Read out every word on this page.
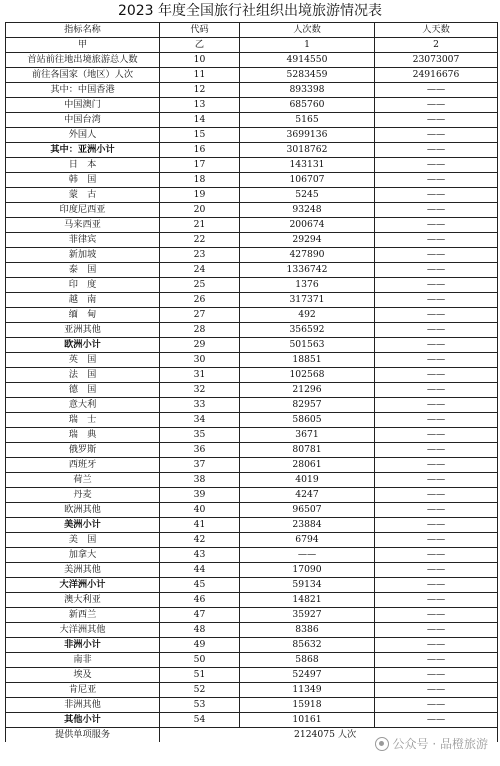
2023 年度全国旅行社组织出境旅游情况表
指标名称	代码	人次数	人天数
甲	乙	1	2
首站前往地出境旅游总人数	10	4914550	23073007
前往各国家（地区）人次	11	5283459	24916676
其中：中国香港	12	893398	——
中国澳门	13	685760	——
中国台湾	14	5165	——
外国人	15	3699136	——
其中：亚洲小计	16	3018762	——
日　本	17	143131	——
韩　国	18	106707	——
蒙　古	19	5245	——
印度尼西亚	20	93248	——
马来西亚	21	200674	——
菲律宾	22	29294	——
新加坡	23	427890	——
泰　国	24	1336742	——
印　度	25	1376	——
越　南	26	317371	——
缅　甸	27	492	——
亚洲其他	28	356592	——
欧洲小计	29	501563	——
英　国	30	18851	——
法　国	31	102568	——
德　国	32	21296	——
意大利	33	82957	——
瑞　士	34	58605	——
瑞　典	35	3671	——
俄罗斯	36	80781	——
西班牙	37	28061	——
荷兰	38	4019	——
丹麦	39	4247	——
欧洲其他	40	96507	——
美洲小计	41	23884	——
美　国	42	6794	——
加拿大	43	——	——
美洲其他	44	17090	——
大洋洲小计	45	59134	——
澳大利亚	46	14821	——
新西兰	47	35927	——
大洋洲其他	48	8386	——
非洲小计	49	85632	——
南非	50	5868	——
埃及	51	52497	——
肯尼亚	52	11349	——
非洲其他	53	15918	——
其他小计	54	10161	——
提供单项服务	2124075 人次		
公众号 · 品橙旅游
